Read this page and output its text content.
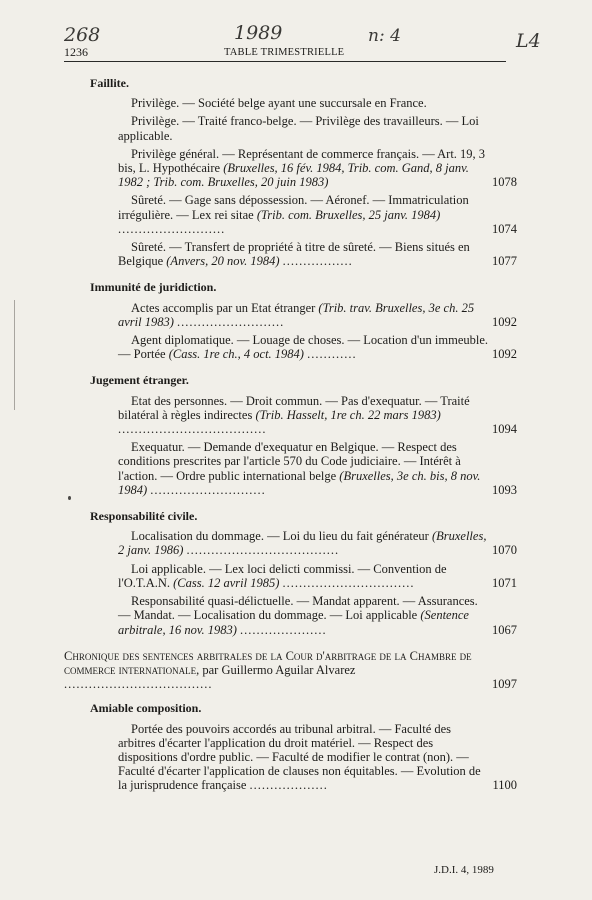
268	1989	n: 4	L4
1236	TABLE TRIMESTRIELLE
Faillite.
Privilège. — Société belge ayant une succursale en France.
Privilège. — Traité franco-belge. — Privilège des travailleurs. — Loi applicable.
Privilège général. — Représentant de commerce français. — Art. 19, 3 bis, L. Hypothécaire (Bruxelles, 16 fév. 1984, Trib. com. Gand, 8 janv. 1982 ; Trib. com. Bruxelles, 20 juin 1983)	1078
Sûreté. — Gage sans dépossession. — Aéronef. — Immatriculation irrégulière. — Lex rei sitae (Trib. com. Bruxelles, 25 janv. 1984) ..........................	1074
Sûreté. — Transfert de propriété à titre de sûreté. — Biens situés en Belgique (Anvers, 20 nov. 1984) .................	1077
Immunité de juridiction.
Actes accomplis par un Etat étranger (Trib. trav. Bruxelles, 3e ch. 25 avril 1983) ..........................	1092
Agent diplomatique. — Louage de choses. — Location d'un immeuble. — Portée (Cass. 1re ch., 4 oct. 1984) ............	1092
Jugement étranger.
Etat des personnes. — Droit commun. — Pas d'exequatur. — Traité bilatéral à règles indirectes (Trib. Hasselt, 1re ch. 22 mars 1983) ....................................	1094
Exequatur. — Demande d'exequatur en Belgique. — Respect des conditions prescrites par l'article 570 du Code judiciaire. — Intérêt à l'action. — Ordre public international belge (Bruxelles, 3e ch. bis, 8 nov. 1984) ............................	1093
Responsabilité civile.
Localisation du dommage. — Loi du lieu du fait générateur (Bruxelles, 2 janv. 1986) .....................................	1070
Loi applicable. — Lex loci delicti commissi. — Convention de l'O.T.A.N. (Cass. 12 avril 1985) ................................	1071
Responsabilité quasi-délictuelle. — Mandat apparent. — Assurances. — Mandat. — Localisation du dommage. — Loi applicable (Sentence arbitrale, 16 nov. 1983) .....................	1067
Chronique des sentences arbitrales de la Cour d'arbitrage de la Chambre de commerce internationale, par Guillermo Aguilar Alvarez ....................................	1097
Amiable composition.
Portée des pouvoirs accordés au tribunal arbitral. — Faculté des arbitres d'écarter l'application du droit matériel. — Respect des dispositions d'ordre public. — Faculté de modifier le contrat (non). — Faculté d'écarter l'application de clauses non équitables. — Evolution de la jurisprudence française ...................	1100
J.D.I. 4, 1989
